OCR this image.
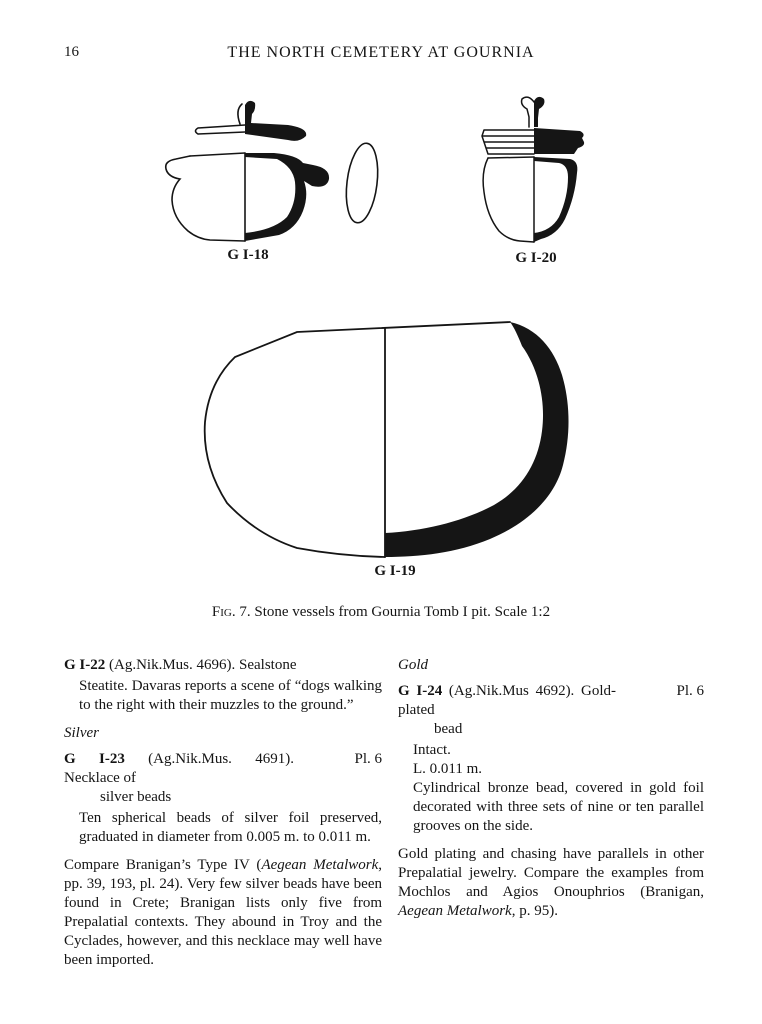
16	THE NORTH CEMETERY AT GOURNIA
G I-18	G I-20
G I-19
Fig. 7. Stone vessels from Gournia Tomb I pit. Scale 1:2
G I-22 (Ag.Nik.Mus. 4696). Sealstone
Steatite. Davaras reports a scene of “dogs walking to the right with their muzzles to the ground.”
Silver
G I-23 (Ag.Nik.Mus. 4691). Necklace of
Pl. 6
silver beads
Ten spherical beads of silver foil preserved, graduated in diameter from 0.005 m. to 0.011 m.

Compare Branigan’s Type IV (Aegean Metalwork, pp. 39, 193, pl. 24). Very few silver beads have been found in Crete; Branigan lists only five from Prepalatial contexts. They abound in Troy and the Cyclades, however, and this necklace may well have been imported.

Gold
G I-24 (Ag.Nik.Mus 4692). Gold-plated
Pl. 6
bead
Intact.
L. 0.011 m.
Cylindrical bronze bead, covered in gold foil decorated with three sets of nine or ten parallel grooves on the side.

Gold plating and chasing have parallels in other Prepalatial jewelry. Compare the examples from Mochlos and Agios Onouphrios (Branigan, Aegean Metalwork, p. 95).
